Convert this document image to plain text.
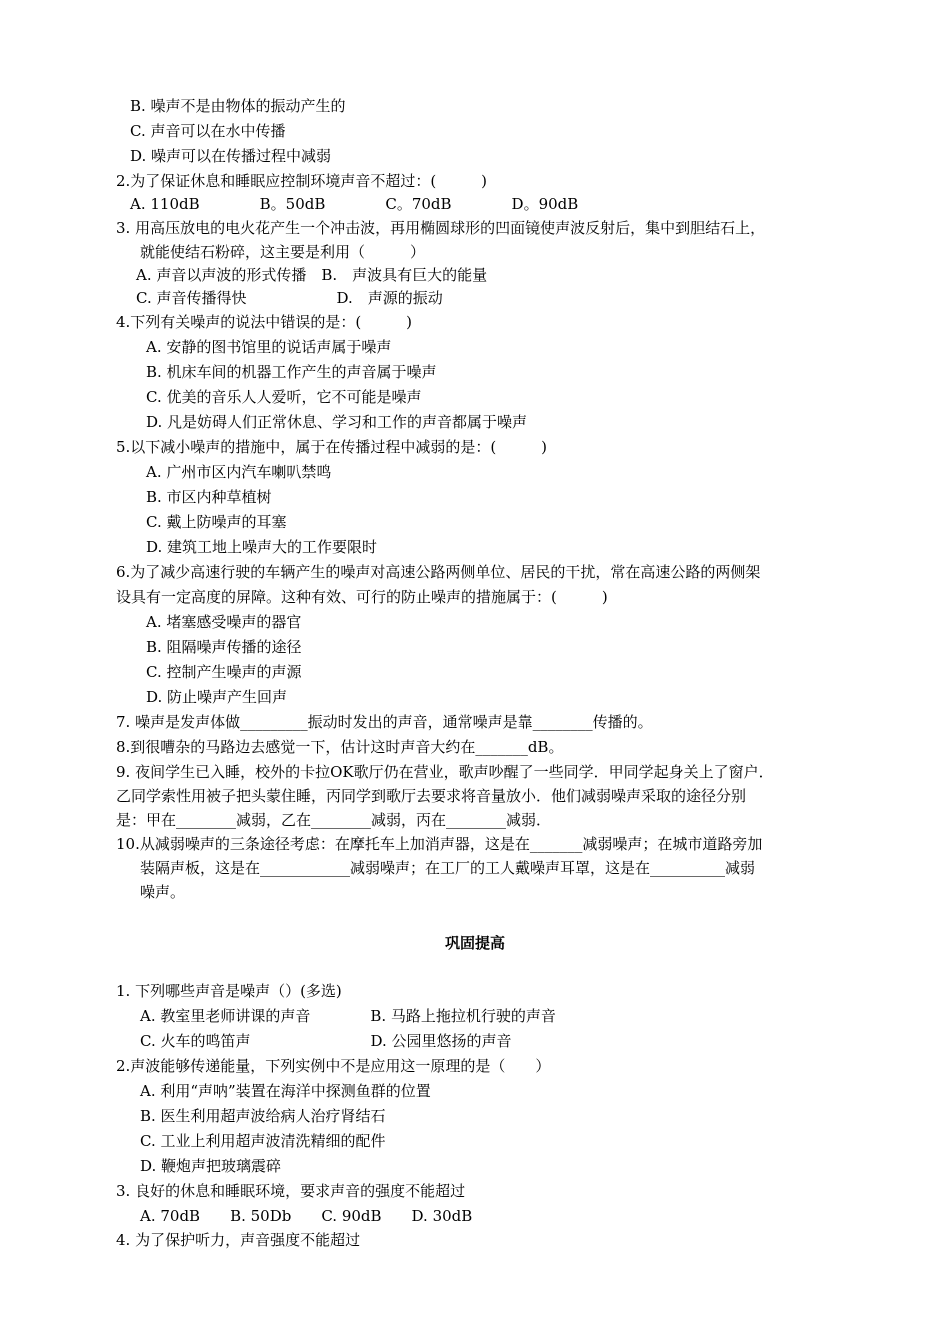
B. 噪声不是由物体的振动产生的
C. 声音可以在水中传播
D. 噪声可以在传播过程中减弱
2.为了保证休息和睡眠应控制环境声音不超过：(　　　)
A. 110dB　　　　B。50dB　　　　C。70dB　　　　D。90dB
3. 用高压放电的电火花产生一个冲击波，再用椭圆球形的凹面镜使声波反射后，集中到胆结石上，
就能使结石粉碎，这主要是利用（　　　）
A. 声音以声波的形式传播　B.　声波具有巨大的能量
C. 声音传播得快　　　　　　D.　声源的振动
4.下列有关噪声的说法中错误的是：(　　　)
A. 安静的图书馆里的说话声属于噪声
B. 机床车间的机器工作产生的声音属于噪声
C. 优美的音乐人人爱听，它不可能是噪声
D. 凡是妨碍人们正常休息、学习和工作的声音都属于噪声
5.以下减小噪声的措施中，属于在传播过程中减弱的是：(　　　)
A. 广州市区内汽车喇叭禁鸣
B. 市区内种草植树
C. 戴上防噪声的耳塞
D. 建筑工地上噪声大的工作要限时
6.为了减少高速行驶的车辆产生的噪声对高速公路两侧单位、居民的干扰，常在高速公路的两侧架
设具有一定高度的屏障。这种有效、可行的防止噪声的措施属于：(　　　)
A. 堵塞感受噪声的器官
B. 阻隔噪声传播的途径
C. 控制产生噪声的声源
D. 防止噪声产生回声
7. 噪声是发声体做_________振动时发出的声音，通常噪声是靠________传播的。
8.到很嘈杂的马路边去感觉一下，估计这时声音大约在_______dB。
9. 夜间学生已入睡，校外的卡拉OK歌厅仍在营业，歌声吵醒了一些同学．甲同学起身关上了窗户．
乙同学索性用被子把头蒙住睡，丙同学到歌厅去要求将音量放小．他们减弱噪声采取的途径分别
是：甲在________减弱，乙在________减弱，丙在________减弱．
10.从减弱噪声的三条途径考虑：在摩托车上加消声器，这是在_______减弱噪声；在城市道路旁加
装隔声板，这是在____________减弱噪声；在工厂的工人戴噪声耳罩，这是在__________减弱
噪声。
巩固提高
1. 下列哪些声音是噪声（）(多选)
A. 教室里老师讲课的声音　　　　B. 马路上拖拉机行驶的声音
C. 火车的鸣笛声　　　　　　　　D. 公园里悠扬的声音
2.声波能够传递能量，下列实例中不是应用这一原理的是（　　）
A. 利用“声呐”装置在海洋中探测鱼群的位置
B. 医生利用超声波给病人治疗肾结石
C. 工业上利用超声波清洗精细的配件
D. 鞭炮声把玻璃震碎
3. 良好的休息和睡眠环境，要求声音的强度不能超过
A. 70dB　　B. 50Db　　C. 90dB　　D. 30dB
4. 为了保护听力，声音强度不能超过
